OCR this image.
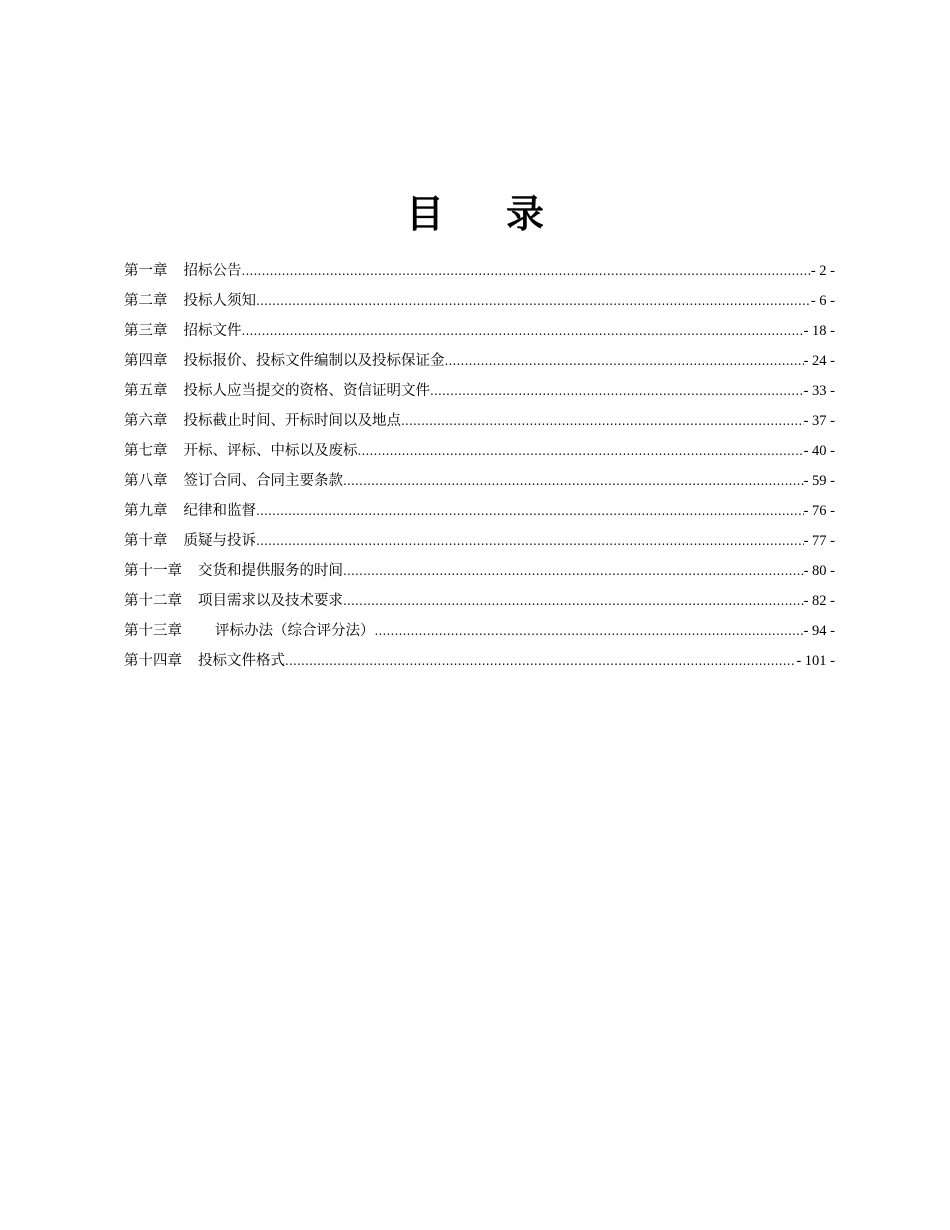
目 录
第一章 招标公告 .....	- 2 -
第二章 投标人须知 .....	- 6 -
第三章 招标文件 .....	- 18 -
第四章 投标报价、投标文件编制以及投标保证金 .....	- 24 -
第五章 投标人应当提交的资格、资信证明文件 .....	- 33 -
第六章 投标截止时间、开标时间以及地点 .....	- 37 -
第七章 开标、评标、中标以及废标 .....	- 40 -
第八章 签订合同、合同主要条款 .....	- 59 -
第九章 纪律和监督 .....	- 76 -
第十章 质疑与投诉 .....	- 77 -
第十一章 交货和提供服务的时间 .....	- 80 -
第十二章 项目需求以及技术要求 .....	- 82 -
第十三章 评标办法（综合评分法） .....	- 94 -
第十四章 投标文件格式 .....	- 101 -
